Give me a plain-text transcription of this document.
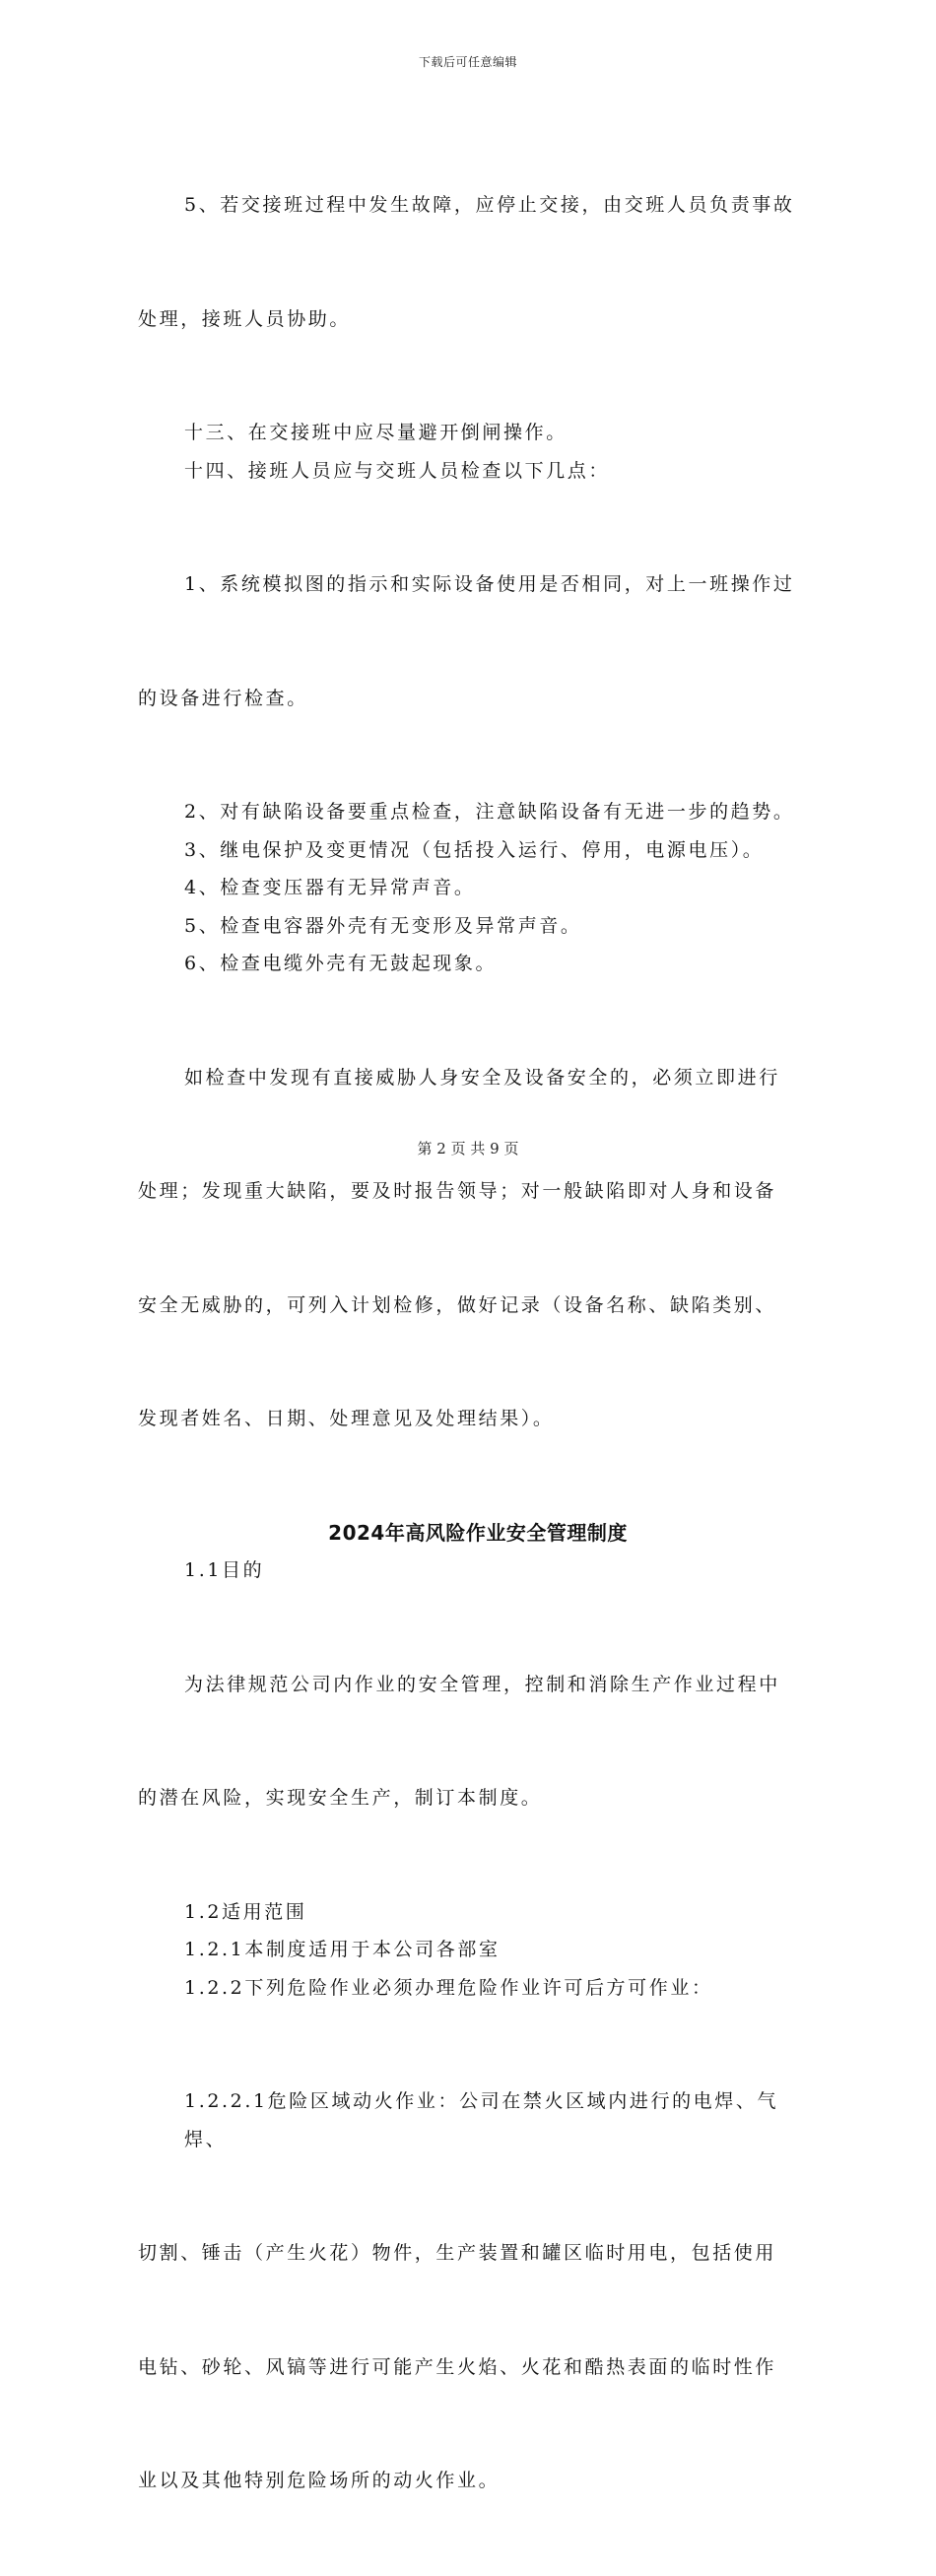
下载后可任意编辑

5、若交接班过程中发生故障，应停止交接，由交班人员负责事故

处理，接班人员协助。

十三、在交接班中应尽量避开倒闸操作。

十四、接班人员应与交班人员检查以下几点：

1、系统模拟图的指示和实际设备使用是否相同，对上一班操作过

的设备进行检查。

2、对有缺陷设备要重点检查，注意缺陷设备有无进一步的趋势。

3、继电保护及变更情况（包括投入运行、停用，电源电压）。

4、检查变压器有无异常声音。

5、检查电容器外壳有无变形及异常声音。

6、检查电缆外壳有无鼓起现象。

如检查中发现有直接威胁人身安全及设备安全的，必须立即进行

处理；发现重大缺陷，要及时报告领导；对一般缺陷即对人身和设备

安全无威胁的，可列入计划检修，做好记录（设备名称、缺陷类别、

发现者姓名、日期、处理意见及处理结果）。

2024年高风险作业安全管理制度

1.1目的

为法律规范公司内作业的安全管理，控制和消除生产作业过程中

的潜在风险，实现安全生产，制订本制度。

1.2适用范围

1.2.1本制度适用于本公司各部室

1.2.2下列危险作业必须办理危险作业许可后方可作业：

1.2.2.1危险区域动火作业：公司在禁火区域内进行的电焊、气焊、

切割、锤击（产生火花）物件，生产装置和罐区临时用电，包括使用

电钻、砂轮、风镐等进行可能产生火焰、火花和酷热表面的临时性作

业以及其他特别危险场所的动火作业。

第 2 页 共 9 页
